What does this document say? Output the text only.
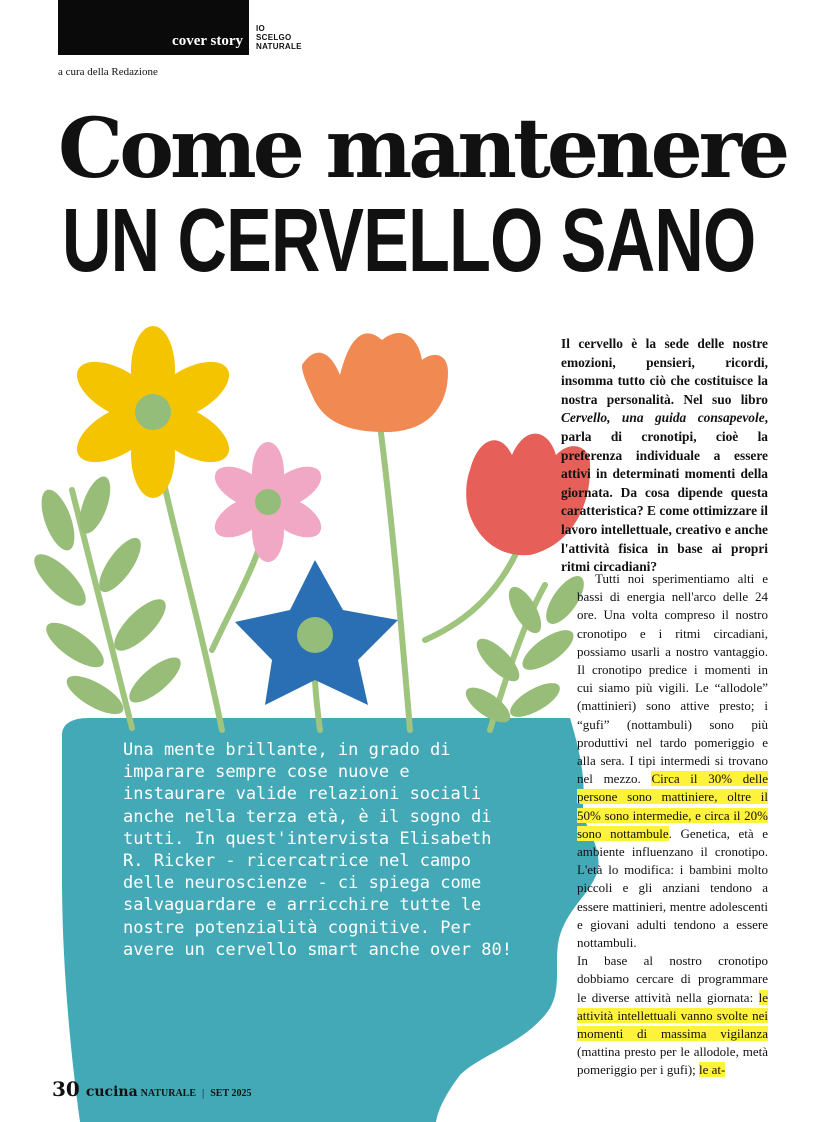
cover story
IO
SCELGO
NATURALE
a cura della Redazione
Come mantenere
UN CERVELLO SANO

Una mente brillante, in grado di imparare sempre cose nuove e instaurare valide relazioni sociali anche nella terza età, è il sogno di tutti. In quest'intervista Elisabeth R. Ricker - ricercatrice nel campo delle neuroscienze - ci spiega come salvaguardare e arricchire tutte le nostre potenzialità cognitive. Per avere un cervello smart anche over 80!

Il cervello è la sede delle nostre emozioni, pensieri, ricordi, insomma tutto ciò che costituisce la nostra personalità. Nel suo libro Cervello, una guida consapevole, parla di cronotipi, cioè la preferenza individuale a essere attivi in determinati momenti della giornata. Da cosa dipende questa caratteristica? E come ottimizzare il lavoro intellettuale, creativo e anche l'attività fisica in base ai propri ritmi circadiani?

Tutti noi sperimentiamo alti e bassi di energia nell'arco delle 24 ore. Una volta compreso il nostro cronotipo e i ritmi circadiani, possiamo usarli a nostro vantaggio. Il cronotipo predice i momenti in cui siamo più vigili. Le “allodole” (mattinieri) sono attive presto; i “gufi” (nottambuli) sono più produttivi nel tardo pomeriggio e alla sera. I tipi intermedi si trovano nel mezzo. Circa il 30% delle persone sono mattiniere, oltre il 50% sono intermedie, e circa il 20% sono nottambule. Genetica, età e ambiente influenzano il cronotipo. L'età lo modifica: i bambini molto piccoli e gli anziani tendono a essere mattinieri, mentre adolescenti e giovani adulti tendono a essere nottambuli.

In base al nostro cronotipo dobbiamo cercare di programmare le diverse attività nella giornata: le attività intellettuali vanno svolte nei momenti di massima vigilanza (mattina presto per le allodole, metà pomeriggio per i gufi); le at-

30 cucina NATURALE | SET 2025
